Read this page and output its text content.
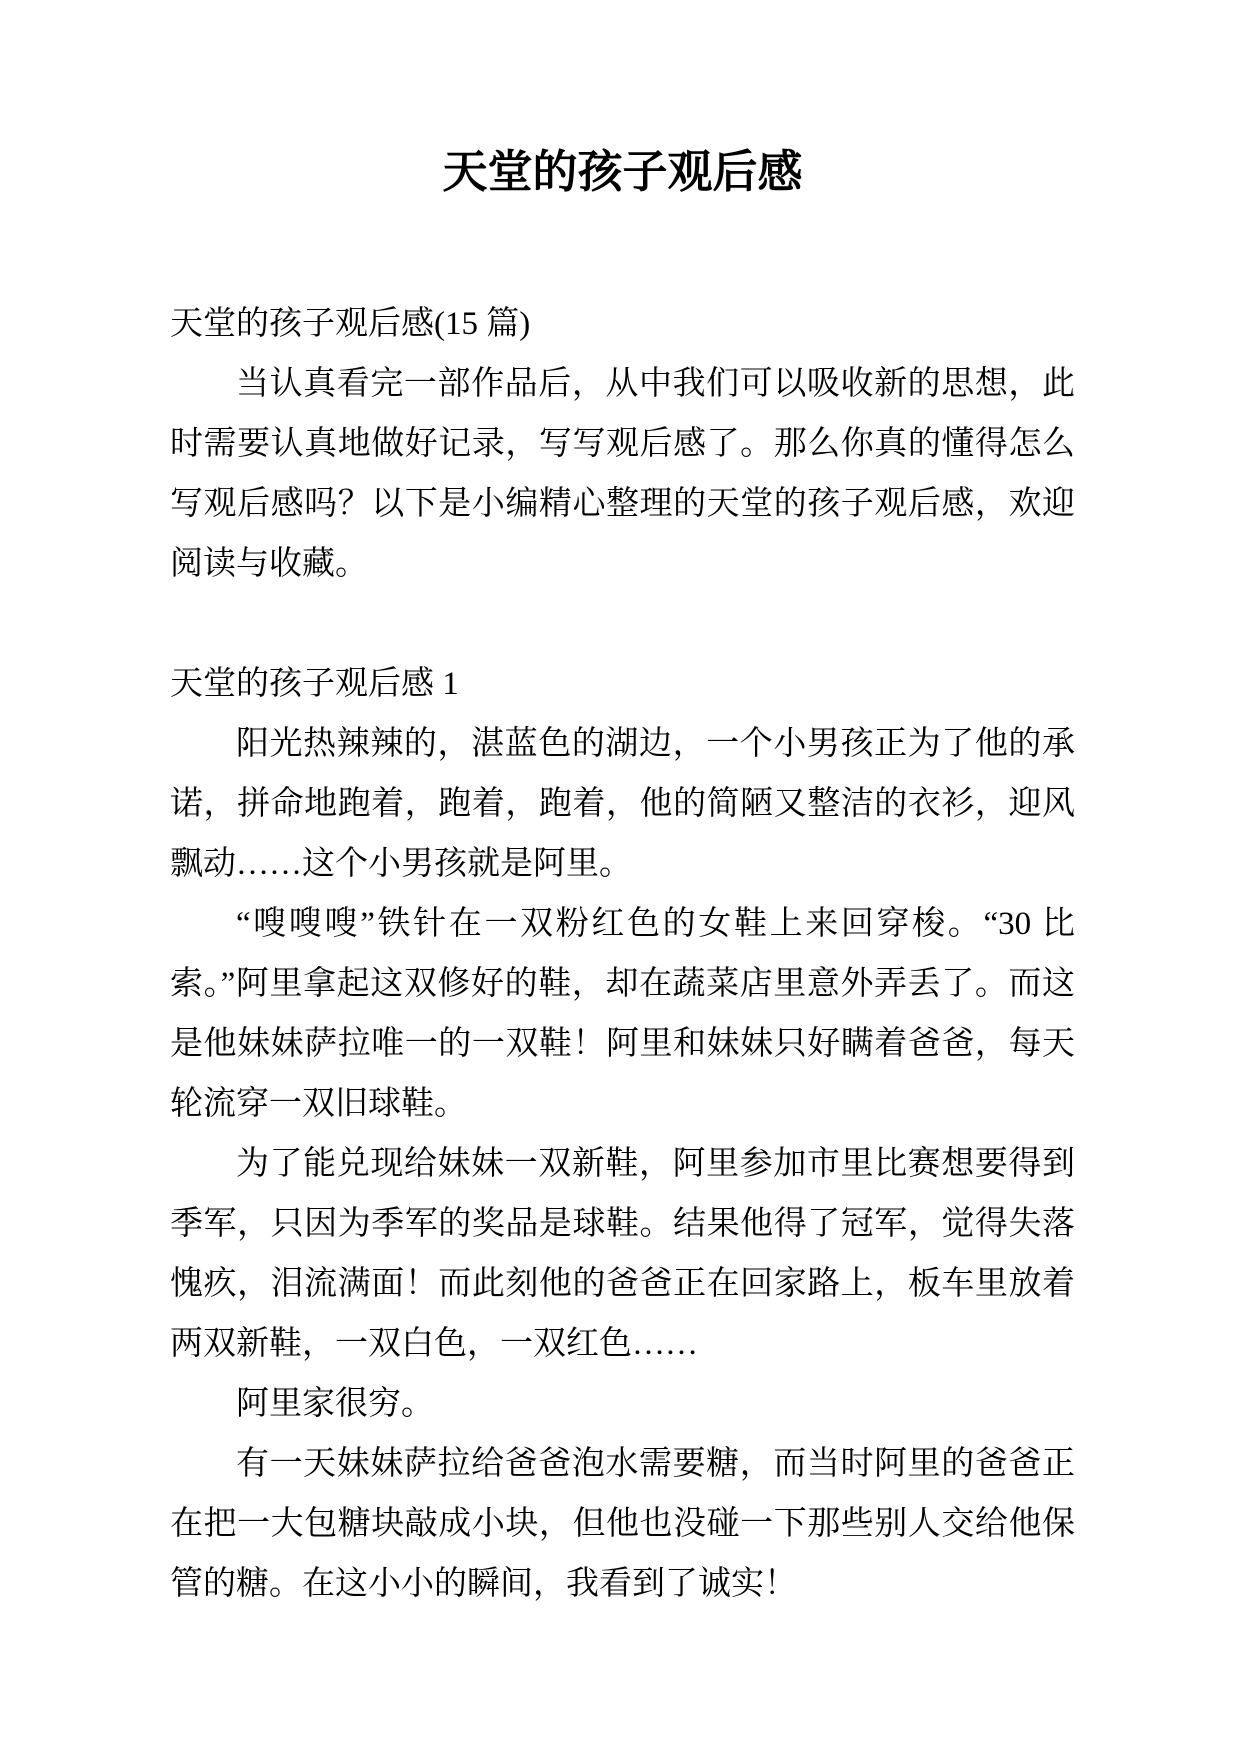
天堂的孩子观后感

天堂的孩子观后感(15 篇)

当认真看完一部作品后，从中我们可以吸收新的思想，此时需要认真地做好记录，写写观后感了。那么你真的懂得怎么写观后感吗？以下是小编精心整理的天堂的孩子观后感，欢迎阅读与收藏。

天堂的孩子观后感 1

阳光热辣辣的，湛蓝色的湖边，一个小男孩正为了他的承诺，拼命地跑着，跑着，跑着，他的简陋又整洁的衣衫，迎风飘动……这个小男孩就是阿里。

“嗖嗖嗖”铁针在一双粉红色的女鞋上来回穿梭。“30 比索。”阿里拿起这双修好的鞋，却在蔬菜店里意外弄丢了。而这是他妹妹萨拉唯一的一双鞋！阿里和妹妹只好瞒着爸爸，每天轮流穿一双旧球鞋。

为了能兑现给妹妹一双新鞋，阿里参加市里比赛想要得到季军，只因为季军的奖品是球鞋。结果他得了冠军，觉得失落愧疚，泪流满面！而此刻他的爸爸正在回家路上，板车里放着两双新鞋，一双白色，一双红色……

阿里家很穷。

有一天妹妹萨拉给爸爸泡水需要糖，而当时阿里的爸爸正在把一大包糖块敲成小块，但他也没碰一下那些别人交给他保管的糖。在这小小的瞬间，我看到了诚实！
